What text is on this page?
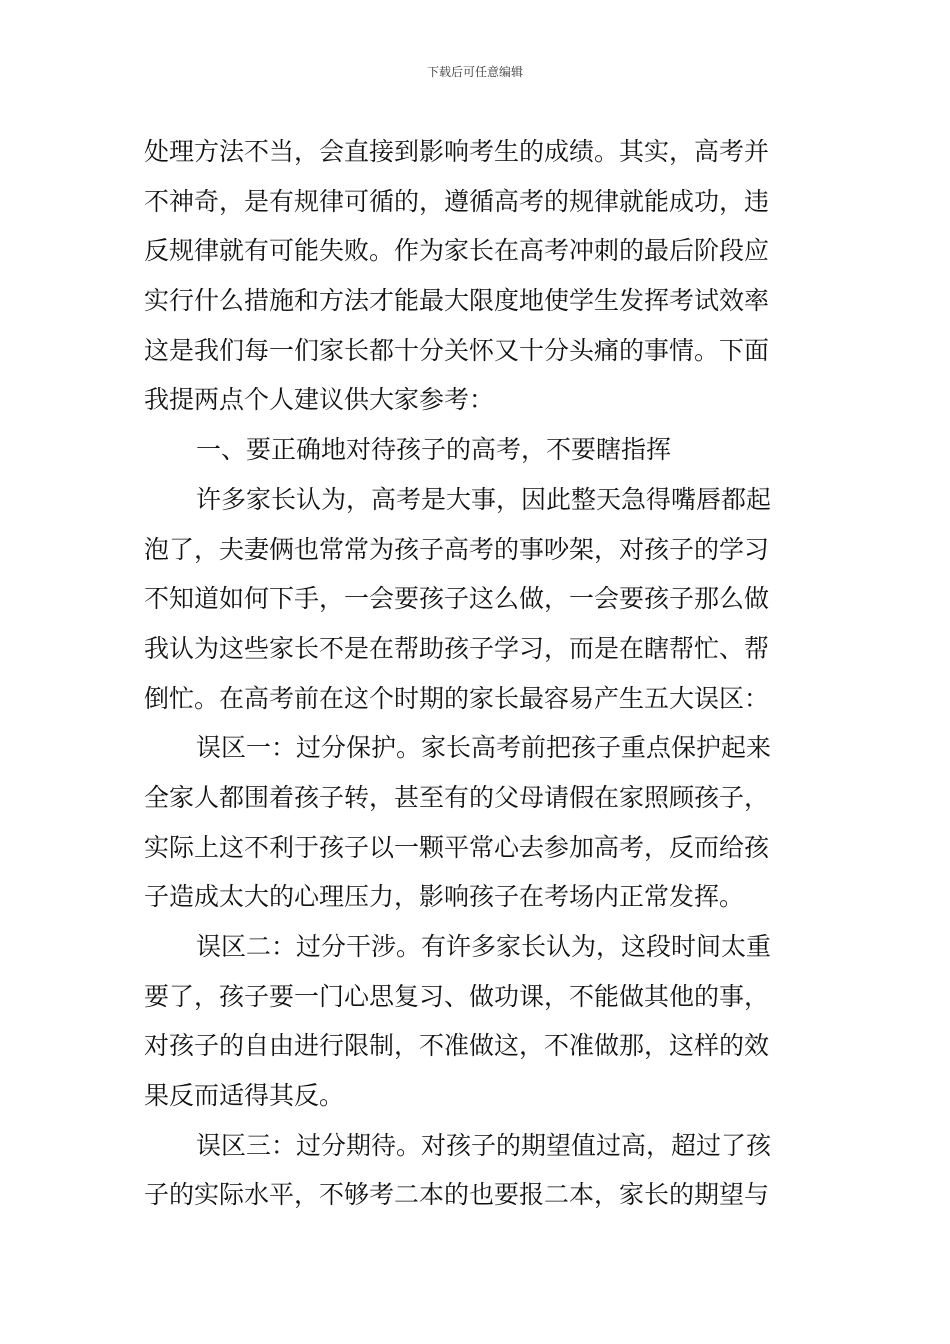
下载后可任意编辑
处理方法不当，会直接到影响考生的成绩。其实，高考并
不神奇，是有规律可循的，遵循高考的规律就能成功，违
反规律就有可能失败。作为家长在高考冲刺的最后阶段应
实行什么措施和方法才能最大限度地使学生发挥考试效率
这是我们每一们家长都十分关怀又十分头痛的事情。下面
我提两点个人建议供大家参考：
一、要正确地对待孩子的高考，不要瞎指挥
许多家长认为，高考是大事，因此整天急得嘴唇都起
泡了，夫妻俩也常常为孩子高考的事吵架，对孩子的学习
不知道如何下手，一会要孩子这么做，一会要孩子那么做
我认为这些家长不是在帮助孩子学习，而是在瞎帮忙、帮
倒忙。在高考前在这个时期的家长最容易产生五大误区：
误区一：过分保护。家长高考前把孩子重点保护起来
全家人都围着孩子转，甚至有的父母请假在家照顾孩子，
实际上这不利于孩子以一颗平常心去参加高考，反而给孩
子造成太大的心理压力，影响孩子在考场内正常发挥。
误区二：过分干涉。有许多家长认为，这段时间太重
要了，孩子要一门心思复习、做功课，不能做其他的事，
对孩子的自由进行限制，不准做这，不准做那，这样的效
果反而适得其反。
误区三：过分期待。对孩子的期望值过高，超过了孩
子的实际水平，不够考二本的也要报二本，家长的期望与
